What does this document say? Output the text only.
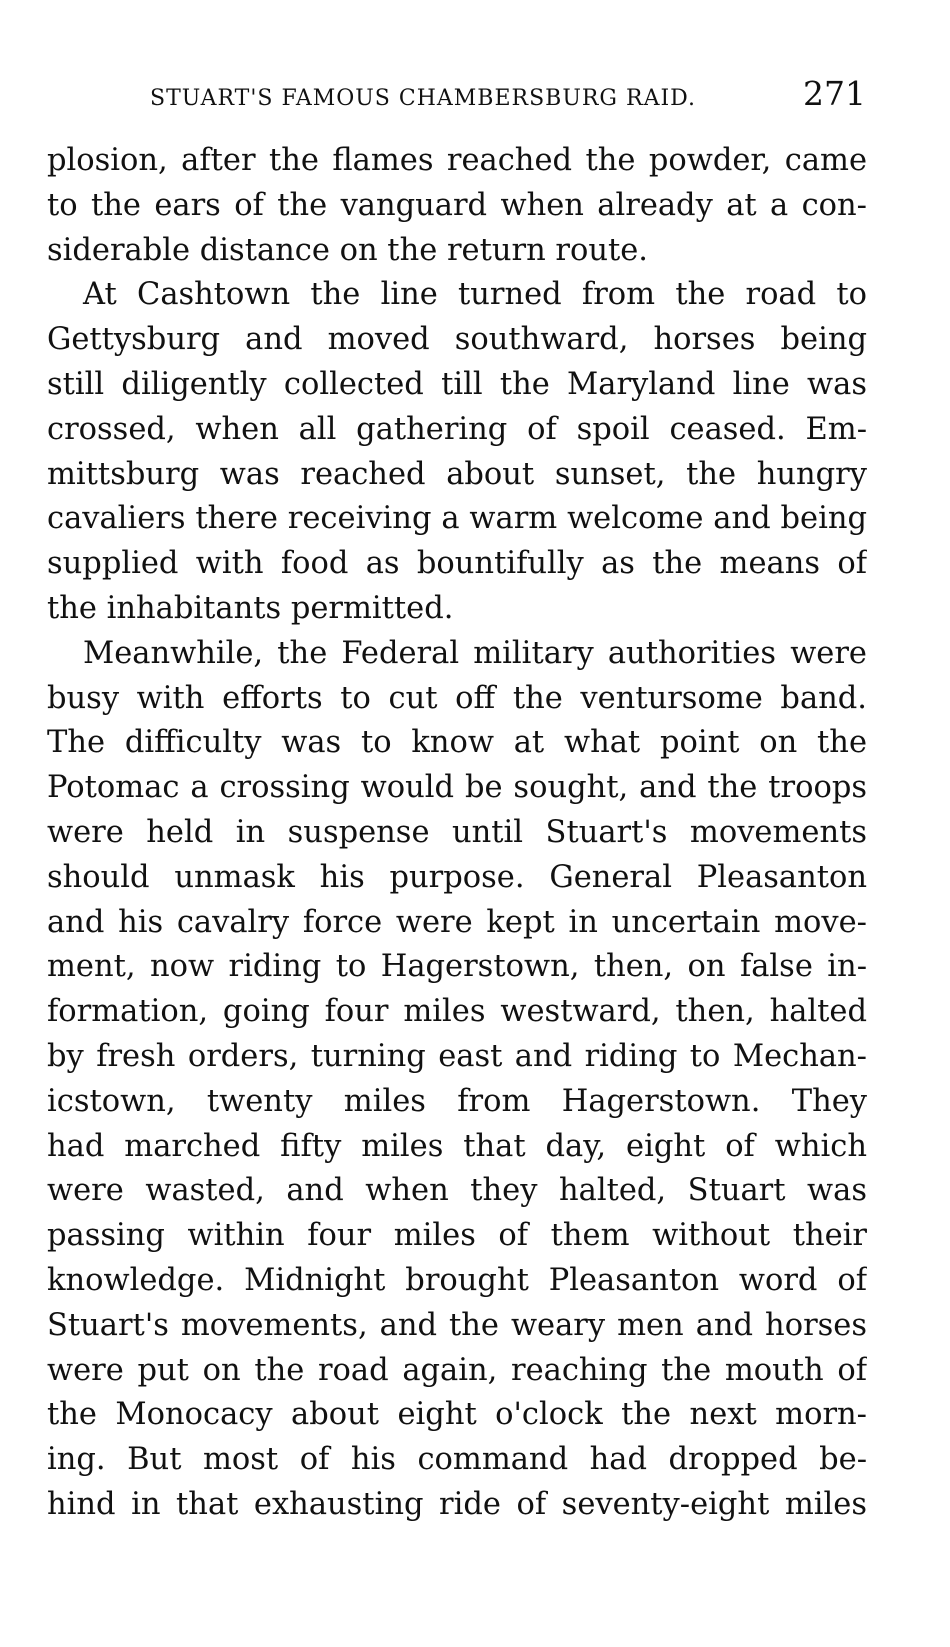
STUART'S FAMOUS CHAMBERSBURG RAID.	271
plosion, after the flames reached the powder, came
to the ears of the vanguard when already at a con-
siderable distance on the return route.
At Cashtown the line turned from the road to
Gettysburg and moved southward, horses being
still diligently collected till the Maryland line was
crossed, when all gathering of spoil ceased. Em-
mittsburg was reached about sunset, the hungry
cavaliers there receiving a warm welcome and being
supplied with food as bountifully as the means of
the inhabitants permitted.
Meanwhile, the Federal military authorities were
busy with efforts to cut off the ventursome band.
The difficulty was to know at what point on the
Potomac a crossing would be sought, and the troops
were held in suspense until Stuart's movements
should unmask his purpose. General Pleasanton
and his cavalry force were kept in uncertain move-
ment, now riding to Hagerstown, then, on false in-
formation, going four miles westward, then, halted
by fresh orders, turning east and riding to Mechan-
icstown, twenty miles from Hagerstown. They
had marched fifty miles that day, eight of which
were wasted, and when they halted, Stuart was
passing within four miles of them without their
knowledge. Midnight brought Pleasanton word of
Stuart's movements, and the weary men and horses
were put on the road again, reaching the mouth of
the Monocacy about eight o'clock the next morn-
ing. But most of his command had dropped be-
hind in that exhausting ride of seventy-eight miles
